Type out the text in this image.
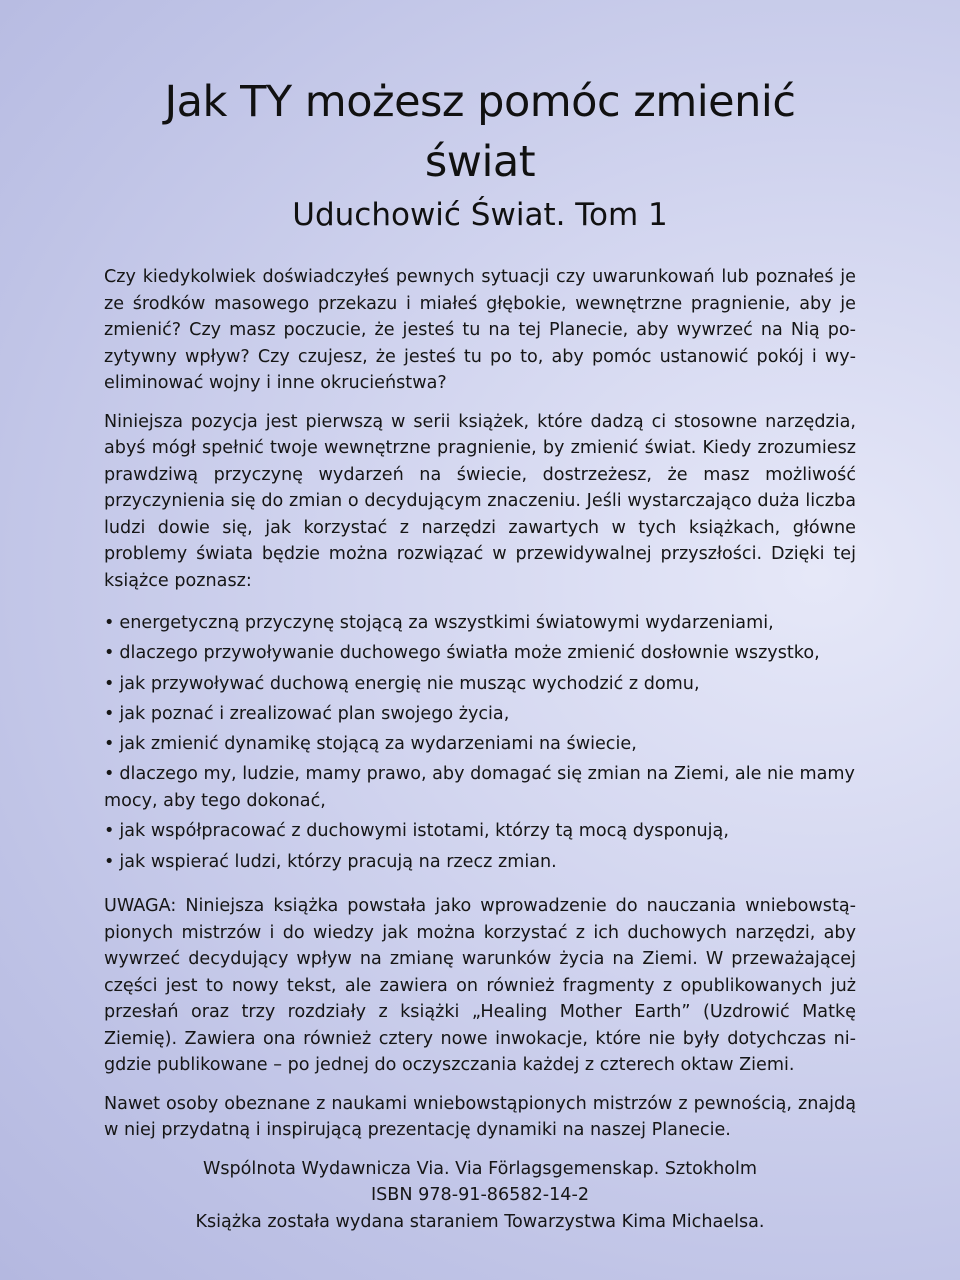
Jak TY możesz pomóc zmienić świat
Uduchowić Świat. Tom 1

Czy kiedykolwiek doświadczyłeś pewnych sytuacji czy uwarunkowań lub poznałeś je ze środków masowego przekazu i miałeś głębokie, wewnętrzne pragnienie, aby je zmienić? Czy masz poczucie, że jesteś tu na tej Planecie, aby wywrzeć na Nią pozytywny wpływ? Czy czujesz, że jesteś tu po to, aby pomóc ustanowić pokój i wyeliminować wojny i inne okrucieństwa?

Niniejsza pozycja jest pierwszą w serii książek, które dadzą ci stosowne narzędzia, abyś mógł spełnić twoje wewnętrzne pragnienie, by zmienić świat. Kiedy zrozumiesz prawdziwą przyczynę wydarzeń na świecie, dostrzeżesz, że masz możliwość przyczynienia się do zmian o decydującym znaczeniu. Jeśli wystarczająco duża liczba ludzi dowie się, jak korzystać z narzędzi zawartych w tych książkach, główne problemy świata będzie można rozwiązać w przewidywalnej przyszłości. Dzięki tej książce poznasz:

• energetyczną przyczynę stojącą za wszystkimi światowymi wydarzeniami,
• dlaczego przywoływanie duchowego światła może zmienić dosłownie wszystko,
• jak przywoływać duchową energię nie musząc wychodzić z domu,
• jak poznać i zrealizować plan swojego życia,
• jak zmienić dynamikę stojącą za wydarzeniami na świecie,
• dlaczego my, ludzie, mamy prawo, aby domagać się zmian na Ziemi, ale nie mamy mocy, aby tego dokonać,
• jak współpracować z duchowymi istotami, którzy tą mocą dysponują,
• jak wspierać ludzi, którzy pracują na rzecz zmian.

UWAGA: Niniejsza książka powstała jako wprowadzenie do nauczania wniebowstąpionych mistrzów i do wiedzy jak można korzystać z ich duchowych narzędzi, aby wywrzeć decydujący wpływ na zmianę warunków życia na Ziemi. W przeważającej części jest to nowy tekst, ale zawiera on również fragmenty z opublikowanych już przesłań oraz trzy rozdziały z książki „Healing Mother Earth” (Uzdrowić Matkę Ziemię). Zawiera ona również cztery nowe inwokacje, które nie były dotychczas nigdzie publikowane – po jednej do oczyszczania każdej z czterech oktaw Ziemi.

Nawet osoby obeznane z naukami wniebowstąpionych mistrzów z pewnością, znajdą w niej przydatną i inspirującą prezentację dynamiki na naszej Planecie.

Wspólnota Wydawnicza Via. Via Förlagsgemenskap. Sztokholm
ISBN 978-91-86582-14-2
Książka została wydana staraniem Towarzystwa Kima Michaelsa.
